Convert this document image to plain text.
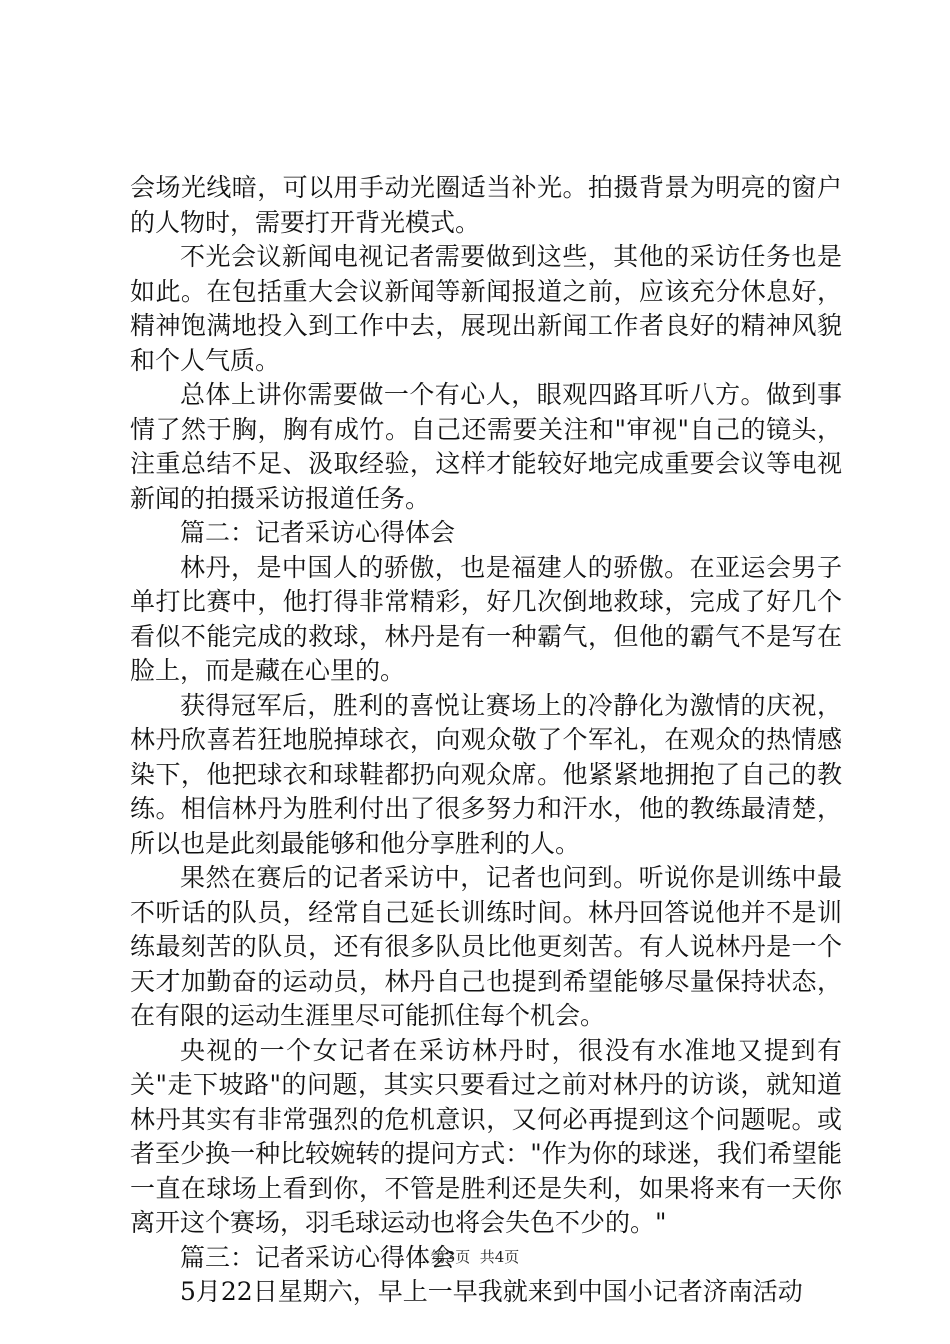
会场光线暗，可以用手动光圈适当补光。拍摄背景为明亮的窗户的人物时，需要打开背光模式。

不光会议新闻电视记者需要做到这些，其他的采访任务也是如此。在包括重大会议新闻等新闻报道之前，应该充分休息好，精神饱满地投入到工作中去，展现出新闻工作者良好的精神风貌和个人气质。

总体上讲你需要做一个有心人，眼观四路耳听八方。做到事情了然于胸，胸有成竹。自己还需要关注和"审视"自己的镜头，注重总结不足、汲取经验，这样才能较好地完成重要会议等电视新闻的拍摄采访报道任务。

篇二：记者采访心得体会

林丹，是中国人的骄傲，也是福建人的骄傲。在亚运会男子单打比赛中，他打得非常精彩，好几次倒地救球，完成了好几个看似不能完成的救球，林丹是有一种霸气，但他的霸气不是写在脸上，而是藏在心里的。

获得冠军后，胜利的喜悦让赛场上的冷静化为激情的庆祝，林丹欣喜若狂地脱掉球衣，向观众敬了个军礼，在观众的热情感染下，他把球衣和球鞋都扔向观众席。他紧紧地拥抱了自己的教练。相信林丹为胜利付出了很多努力和汗水，他的教练最清楚，所以也是此刻最能够和他分享胜利的人。

果然在赛后的记者采访中，记者也问到。听说你是训练中最不听话的队员，经常自己延长训练时间。林丹回答说他并不是训练最刻苦的队员，还有很多队员比他更刻苦。有人说林丹是一个天才加勤奋的运动员，林丹自己也提到希望能够尽量保持状态，在有限的运动生涯里尽可能抓住每个机会。

央视的一个女记者在采访林丹时，很没有水准地又提到有关"走下坡路"的问题，其实只要看过之前对林丹的访谈，就知道林丹其实有非常强烈的危机意识，又何必再提到这个问题呢。或者至少换一种比较婉转的提问方式："作为你的球迷，我们希望能一直在球场上看到你，不管是胜利还是失利，如果将来有一天你离开这个赛场，羽毛球运动也将会失色不少的。"

篇三：记者采访心得体会

5月22日星期六，早上一早我就来到中国小记者济南活动

第3页  共4页
